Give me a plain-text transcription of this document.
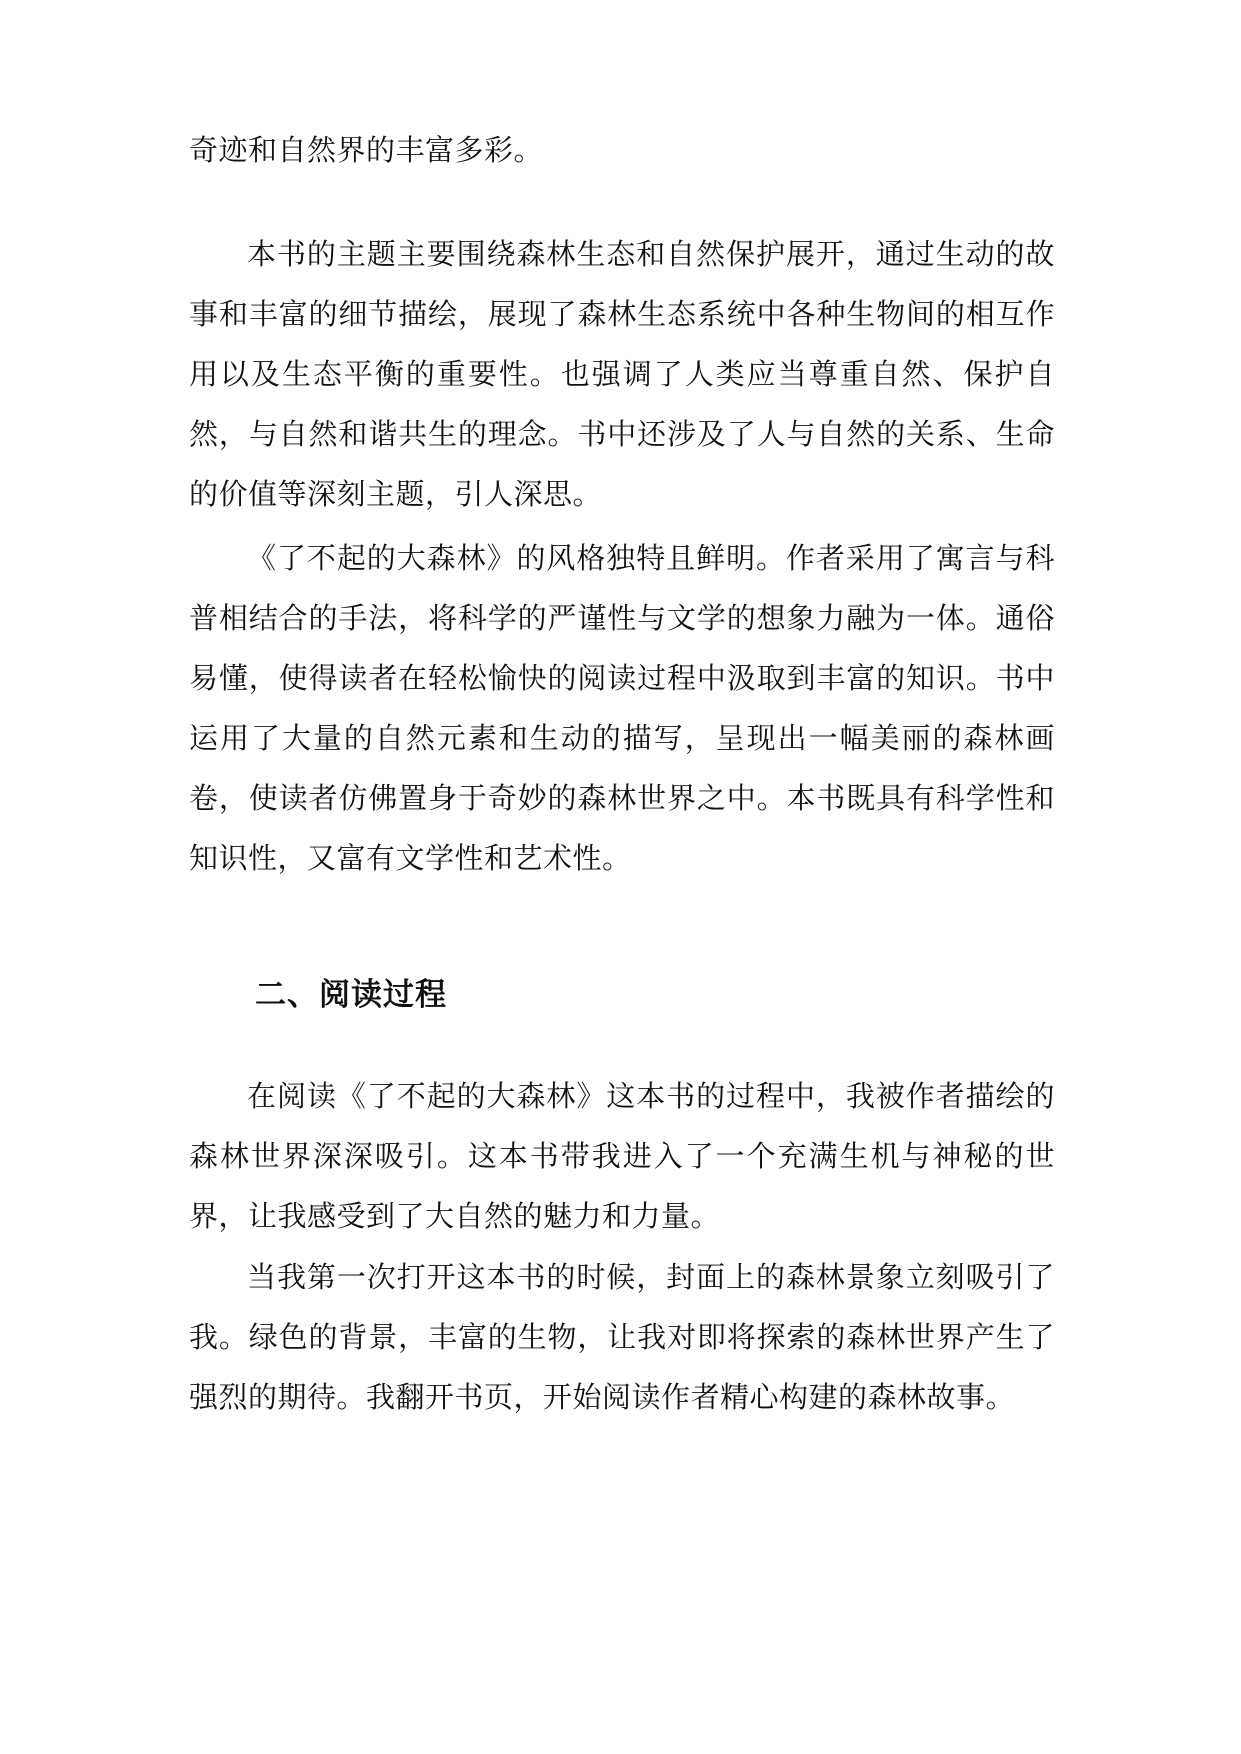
奇迹和自然界的丰富多彩。

本书的主题主要围绕森林生态和自然保护展开，通过生动的故事和丰富的细节描绘，展现了森林生态系统中各种生物间的相互作用以及生态平衡的重要性。也强调了人类应当尊重自然、保护自然，与自然和谐共生的理念。书中还涉及了人与自然的关系、生命的价值等深刻主题，引人深思。

《了不起的大森林》的风格独特且鲜明。作者采用了寓言与科普相结合的手法，将科学的严谨性与文学的想象力融为一体。通俗易懂，使得读者在轻松愉快的阅读过程中汲取到丰富的知识。书中运用了大量的自然元素和生动的描写，呈现出一幅美丽的森林画卷，使读者仿佛置身于奇妙的森林世界之中。本书既具有科学性和知识性，又富有文学性和艺术性。

二、阅读过程

在阅读《了不起的大森林》这本书的过程中，我被作者描绘的森林世界深深吸引。这本书带我进入了一个充满生机与神秘的世界，让我感受到了大自然的魅力和力量。

当我第一次打开这本书的时候，封面上的森林景象立刻吸引了我。绿色的背景，丰富的生物，让我对即将探索的森林世界产生了强烈的期待。我翻开书页，开始阅读作者精心构建的森林故事。
